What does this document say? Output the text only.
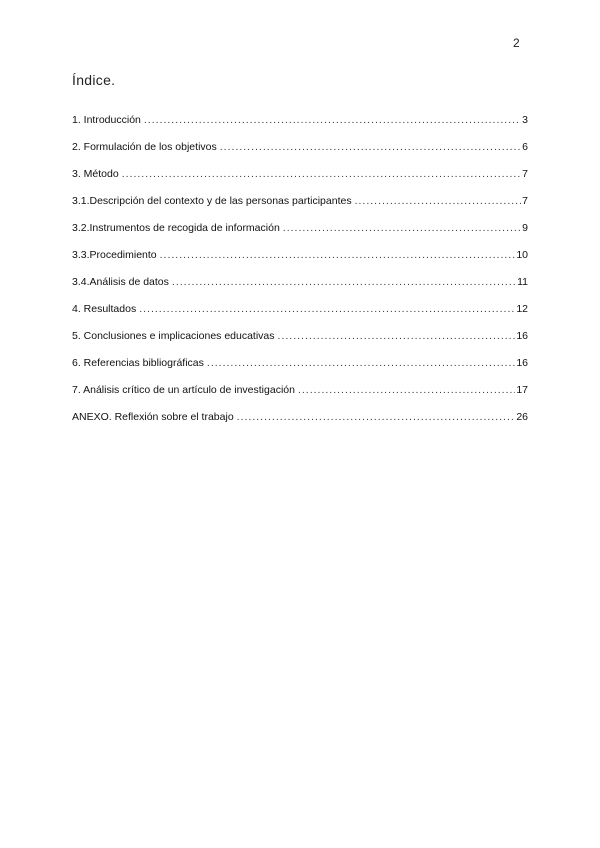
2
Índice.
1. Introducción .....	3
2. Formulación de los objetivos .....	6
3. Método .....	7
3.1.Descripción del contexto y de las personas participantes .....	7
3.2.Instrumentos de recogida de información .....	9
3.3.Procedimiento .....	10
3.4.Análisis de datos .....	11
4. Resultados .....	12
5. Conclusiones e implicaciones educativas .....	16
6. Referencias bibliográficas .....	16
7. Análisis crítico de un artículo de investigación .....	17
ANEXO. Reflexión sobre el trabajo .....	26
